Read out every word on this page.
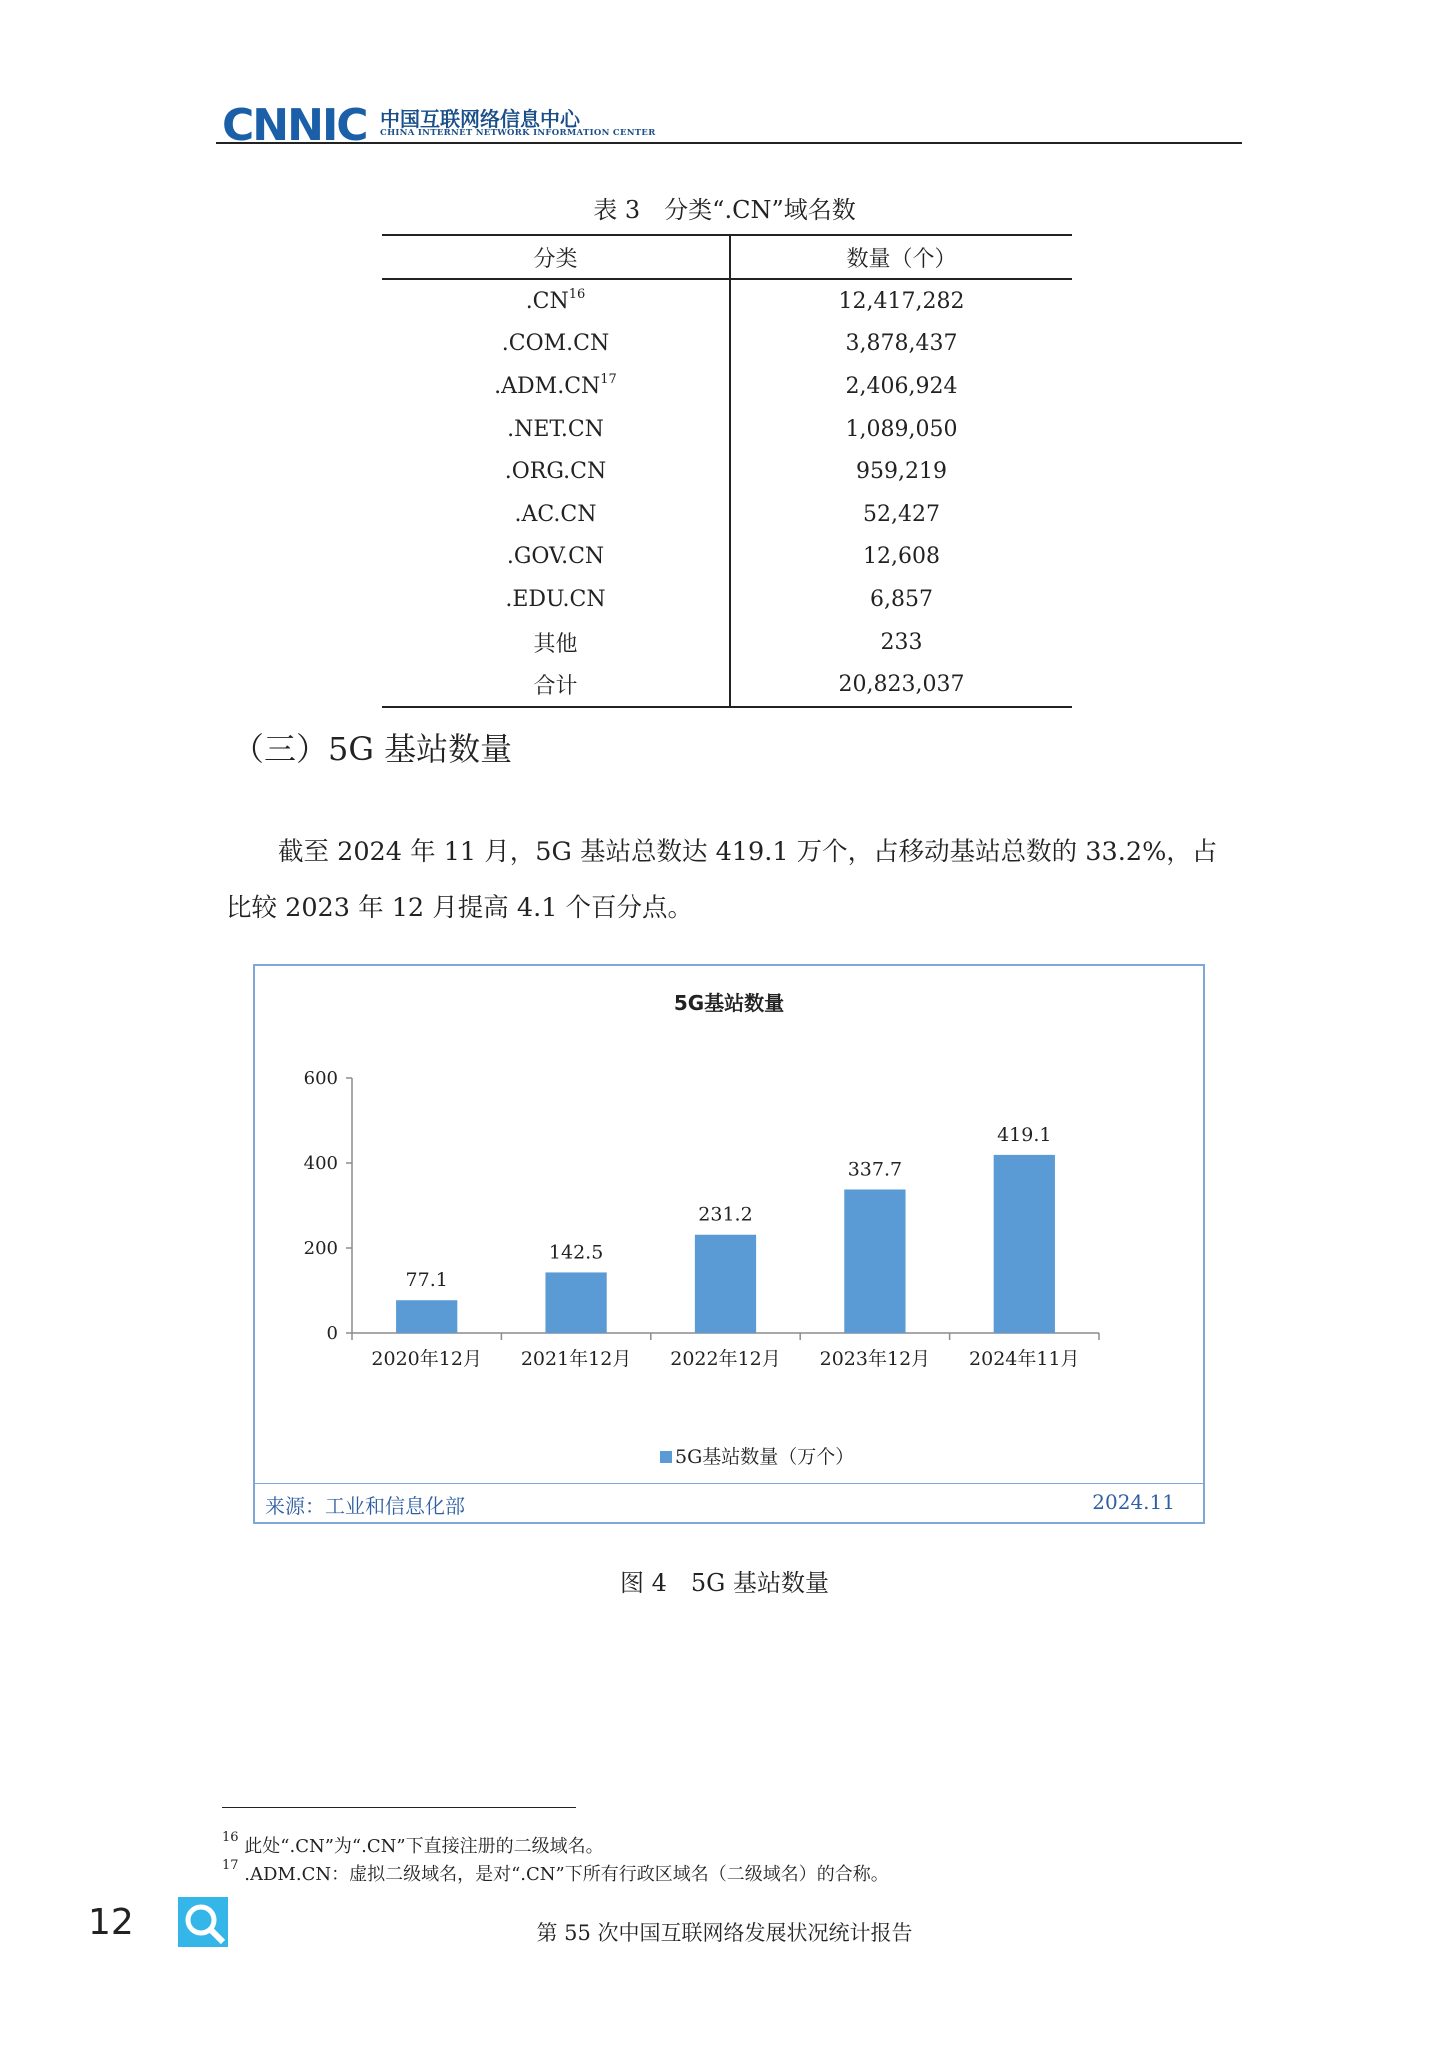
CNNIC 中国互联网络信息中心
CHINA INTERNET NETWORK INFORMATION CENTER
表 3　分类“.CN”域名数
分类	数量（个）
.CN$^{16}$	12,417,282
.COM.CN	3,878,437
.ADM.CN$^{17}$	2,406,924
.NET.CN	1,089,050
.ORG.CN	959,219
.AC.CN	52,427
.GOV.CN	12,608
.EDU.CN	6,857
其他	233
合计	20,823,037
（三）5G 基站数量
截至 2024 年 11 月，5G 基站总数达 419.1 万个，占移动基站总数的 33.2%，占比较 2023 年 12 月提高 4.1 个百分点。
5G基站数量
0
200
400
600
77.1
2020年12月
142.5
2021年12月
231.2
2022年12月
337.7
2023年12月
419.1
2024年11月
5G基站数量（万个）
来源：工业和信息化部	2024.11
图 4　5G 基站数量
$^{16}$ 此处“.CN”为“.CN”下直接注册的二级域名。
$^{17}$ .ADM.CN：虚拟二级域名，是对“.CN”下所有行政区域名（二级域名）的合称。
12	第 55 次中国互联网络发展状况统计报告
